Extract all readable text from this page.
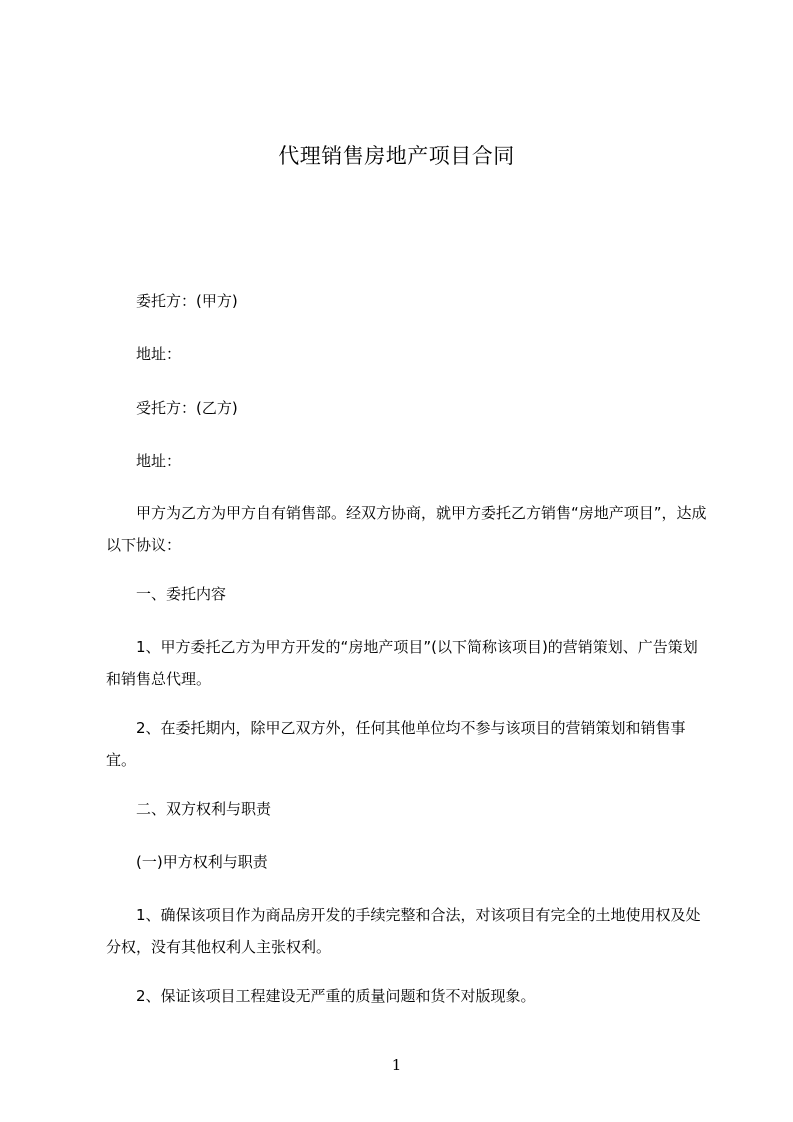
代理销售房地产项目合同
委托方：(甲方)
地址：
受托方：(乙方)
地址：
甲方为乙方为甲方自有销售部。经双方协商，就甲方委托乙方销售“房地产项目”，达成以下协议：
一、委托内容
1、甲方委托乙方为甲方开发的“房地产项目”(以下简称该项目)的营销策划、广告策划和销售总代理。
2、在委托期内，除甲乙双方外，任何其他单位均不参与该项目的营销策划和销售事宜。
二、双方权利与职责
(一)甲方权利与职责
1、确保该项目作为商品房开发的手续完整和合法，对该项目有完全的土地使用权及处分权，没有其他权利人主张权利。
2、保证该项目工程建设无严重的质量问题和货不对版现象。
1
